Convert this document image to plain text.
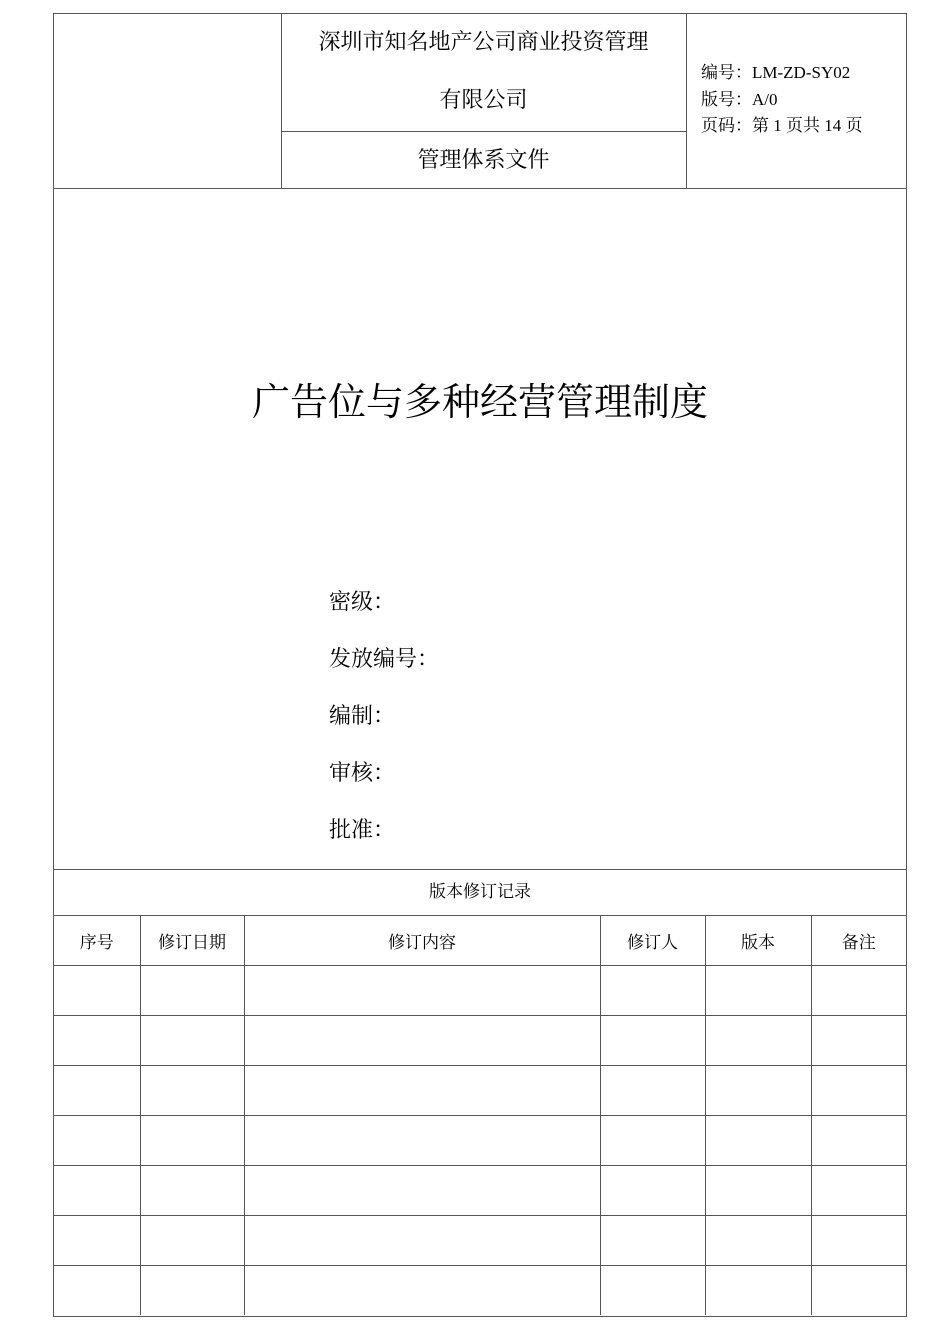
深圳市知名地产公司商业投资管理
有限公司
管理体系文件
编号：LM-ZD-SY02
版号：A/0
页码：第 1 页共 14 页
广告位与多种经营管理制度
密级：
发放编号：
编制：
审核：
批准：
版本修订记录
序号	修订日期	修订内容	修订人	版本	备注
